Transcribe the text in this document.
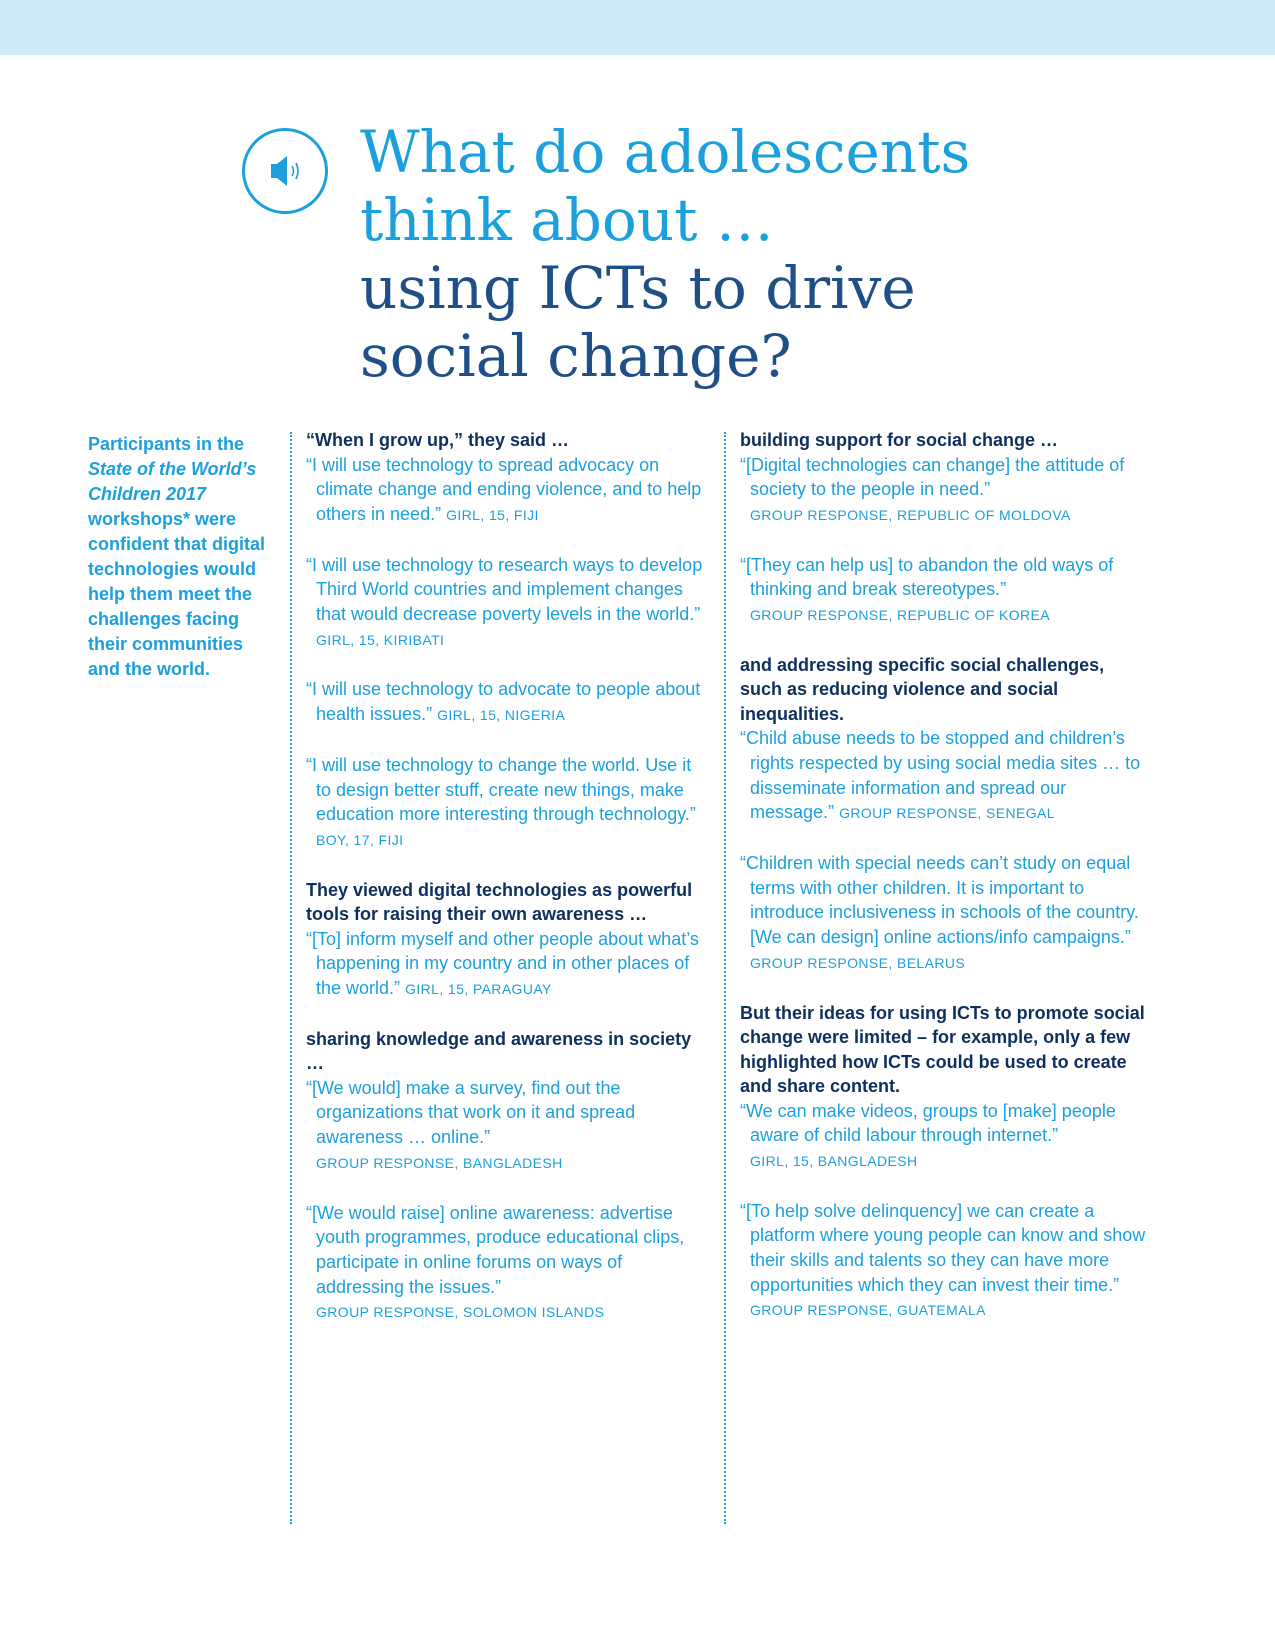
What do adolescents
think about …
using ICTs to drive
social change?
Participants in the State of the World’s Children 2017 workshops* were confident that digital technologies would help them meet the challenges facing their communities and the world.

“When I grow up,” they said …

“I will use technology to spread advocacy on climate change and ending violence, and to help others in need.” GIRL, 15, FIJI

“I will use technology to research ways to develop Third World countries and implement changes that would decrease poverty levels in the world.” GIRL, 15, KIRIBATI

“I will use technology to advocate to people about health issues.” GIRL, 15, NIGERIA

“I will use technology to change the world. Use it to design better stuff, create new things, make education more interesting through technology.” BOY, 17, FIJI

They viewed digital technologies as powerful tools for raising their own awareness …

“[To] inform myself and other people about what’s happening in my country and in other places of the world.” GIRL, 15, PARAGUAY

sharing knowledge and awareness in society …

“[We would] make a survey, find out the organizations that work on it and spread awareness … online.”
GROUP RESPONSE, BANGLADESH

“[We would raise] online awareness: advertise youth programmes, produce educational clips, participate in online forums on ways of addressing the issues.”
GROUP RESPONSE, SOLOMON ISLANDS

building support for social change …

“[Digital technologies can change] the attitude of society to the people in need.”
GROUP RESPONSE, REPUBLIC OF MOLDOVA

“[They can help us] to abandon the old ways of thinking and break stereotypes.”
GROUP RESPONSE, REPUBLIC OF KOREA

and addressing specific social challenges, such as reducing violence and social inequalities.

“Child abuse needs to be stopped and children’s rights respected by using social media sites … to disseminate information and spread our message.” GROUP RESPONSE, SENEGAL

“Children with special needs can’t study on equal terms with other children. It is important to introduce inclusiveness in schools of the country. [We can design] online actions/info campaigns.”
GROUP RESPONSE, BELARUS

But their ideas for using ICTs to promote social change were limited – for example, only a few highlighted how ICTs could be used to create and share content.

“We can make videos, groups to [make] people aware of child labour through internet.”
GIRL, 15, BANGLADESH

“[To help solve delinquency] we can create a platform where young people can know and show their skills and talents so they can have more opportunities which they can invest their time.” GROUP RESPONSE, GUATEMALA
